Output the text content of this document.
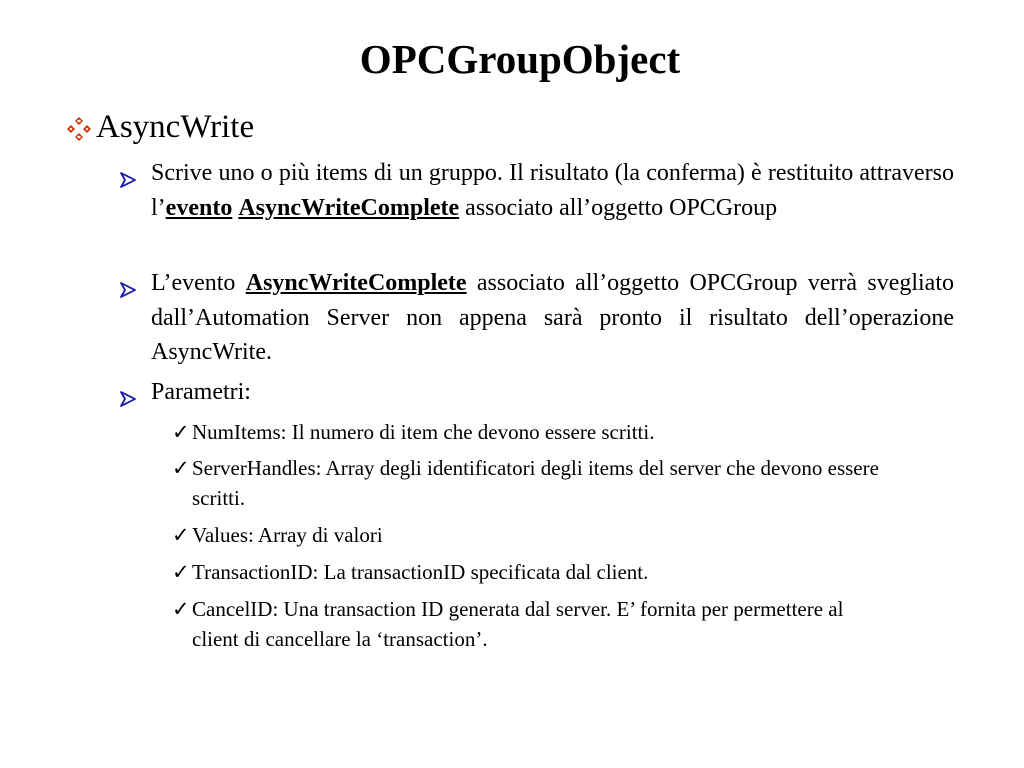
OPCGroupObject
AsyncWrite
Scrive uno o più items di un gruppo. Il risultato (la conferma) è restituito attraverso l’evento AsyncWriteComplete associato all’oggetto OPCGroup
L’evento AsyncWriteComplete associato all’oggetto OPCGroup verrà svegliato dall’Automation Server non appena sarà pronto il risultato dell’operazione AsyncWrite.
Parametri:
✓ NumItems: Il numero di item che devono essere scritti.
✓ ServerHandles: Array degli identificatori degli items del server che devono essere scritti.
✓ Values: Array di valori
✓ TransactionID: La transactionID specificata dal client.
✓ CancelID: Una transaction ID generata dal server. E’ fornita per permettere al client di cancellare la ‘transaction’.
